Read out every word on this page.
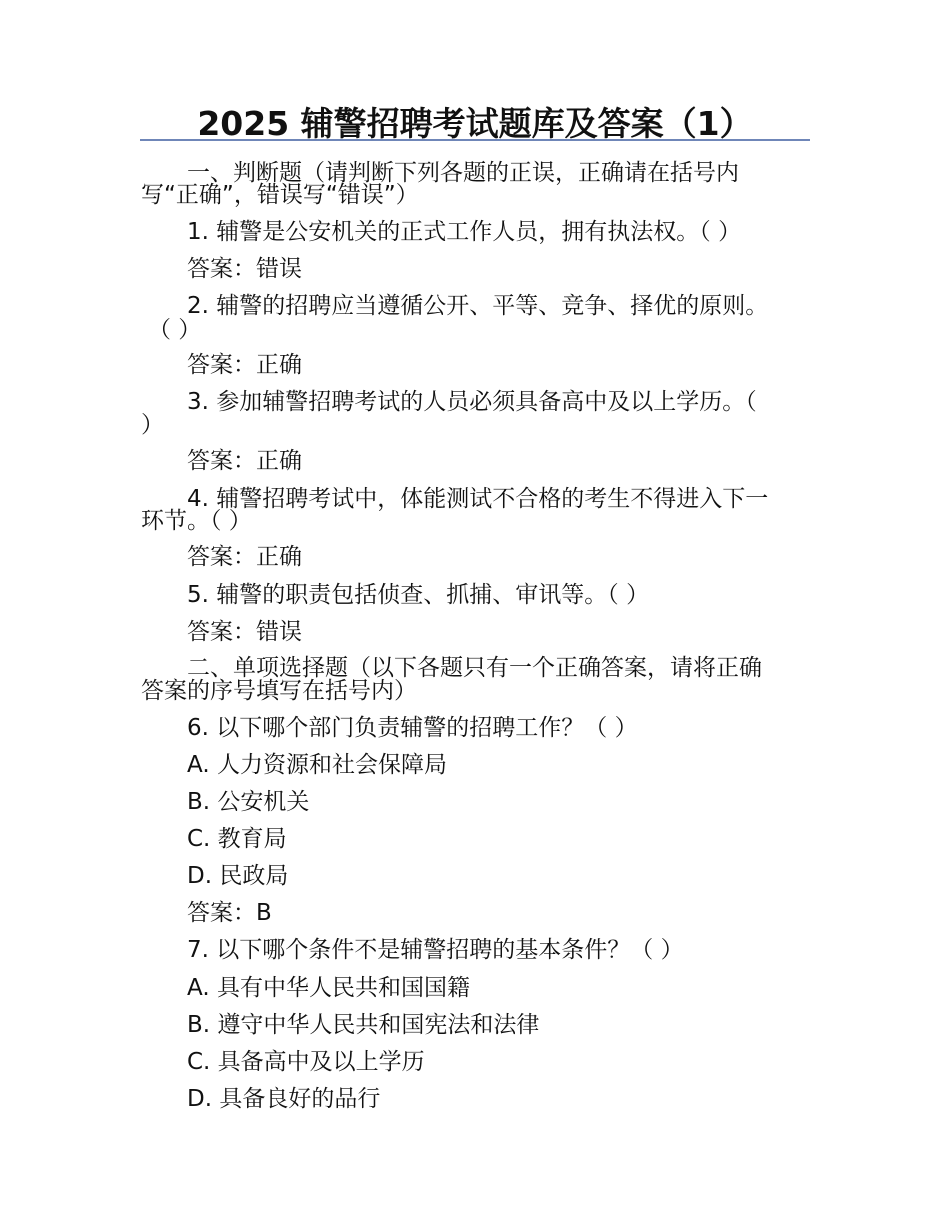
2025 辅警招聘考试题库及答案（1）
一、判断题（请判断下列各题的正误，正确请在括号内
写“正确”，错误写“错误”）
1. 辅警是公安机关的正式工作人员，拥有执法权。（ ）
答案：错误
2. 辅警的招聘应当遵循公开、平等、竞争、择优的原则。
（ ）
答案：正确
3. 参加辅警招聘考试的人员必须具备高中及以上学历。（
）
答案：正确
4. 辅警招聘考试中，体能测试不合格的考生不得进入下一
环节。（ ）
答案：正确
5. 辅警的职责包括侦查、抓捕、审讯等。（ ）
答案：错误
二、单项选择题（以下各题只有一个正确答案，请将正确
答案的序号填写在括号内）
6. 以下哪个部门负责辅警的招聘工作？（ ）
A. 人力资源和社会保障局
B. 公安机关
C. 教育局
D. 民政局
答案：B
7. 以下哪个条件不是辅警招聘的基本条件？（ ）
A. 具有中华人民共和国国籍
B. 遵守中华人民共和国宪法和法律
C. 具备高中及以上学历
D. 具备良好的品行
